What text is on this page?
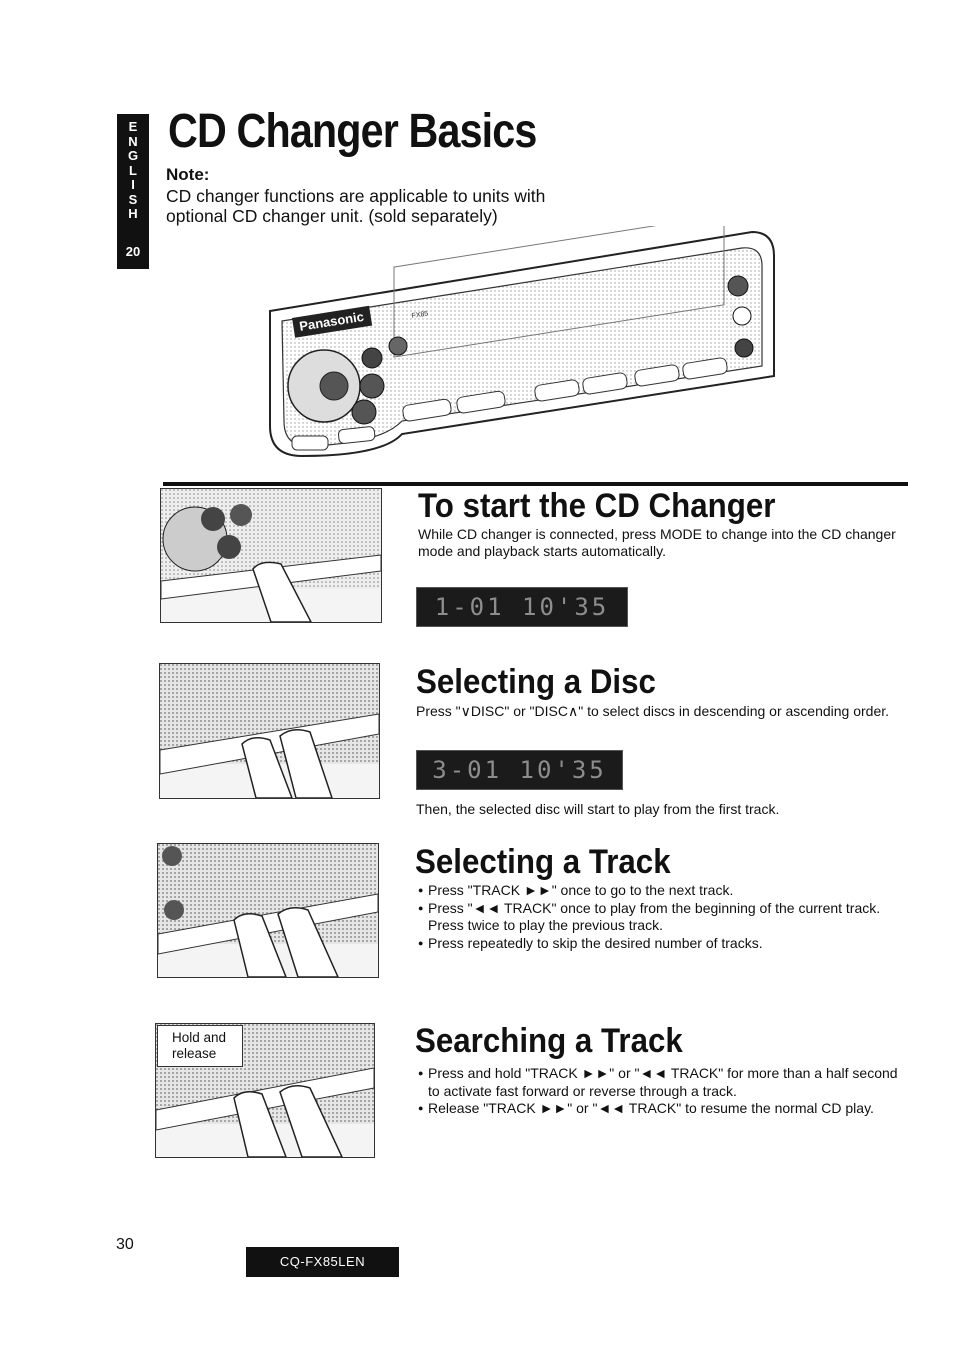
E
N
G
L
I
S
H
20
CD Changer Basics
Note:
CD changer functions are applicable to units with optional CD changer unit. (sold separately)
Panasonic	FX85
To start the CD Changer
While CD changer is connected, press MODE to change into the CD changer mode and playback starts automatically.
1-01 10'35
Selecting a Disc
Press "∨DISC" or "DISC∧" to select discs in descending or ascending order.
3-01 10'35
Then, the selected disc will start to play from the first track.
Selecting a Track
● Press "TRACK ►►" once to go to the next track.
● Press "◄◄ TRACK" once to play from the beginning of the current track. Press twice to play the previous track.
● Press repeatedly to skip the desired number of tracks.
Hold and release	Searching a Track
● Press and hold "TRACK ►►" or "◄◄ TRACK" for more than a half second to activate fast forward or reverse through a track.
● Release "TRACK ►►" or "◄◄ TRACK" to resume the normal CD play.
30
CQ-FX85LEN
